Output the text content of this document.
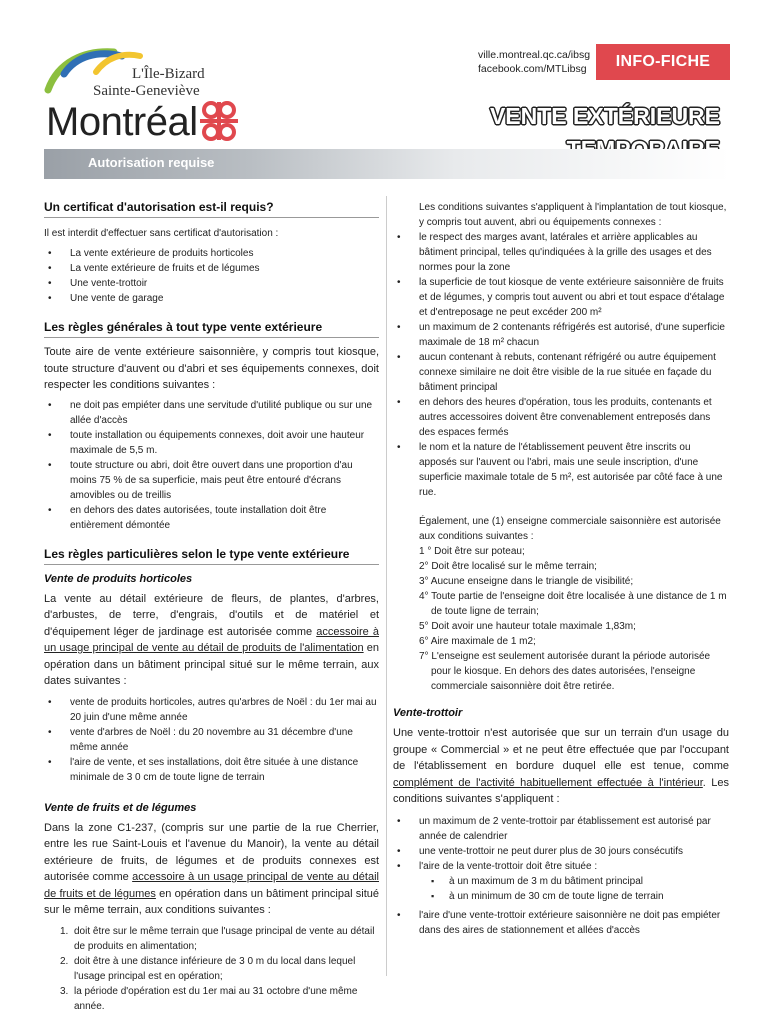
L'Île-Bizard
Sainte-Geneviève
Montréal
ville.montreal.qc.ca/ibsg
facebook.com/MTLibsg	INFO-FICHE
VENTE EXTÉRIEURE
Autorisation requise
Un certificat d'autorisation est-il requis?

Il est interdit d'effectuer sans certificat d'autorisation :

• La vente extérieure de produits horticoles
• La vente extérieure de fruits et de légumes
• Une vente-trottoir
• Une vente de garage
Les règles générales à tout type vente extérieure

Toute aire de vente extérieure saisonnière, y compris tout kiosque, toute structure d'auvent ou d'abri et ses équipements connexes, doit respecter les conditions suivantes :

• ne doit pas empiéter dans une servitude d'utilité publique ou sur une allée d'accès
• toute installation ou équipements connexes, doit avoir une hauteur maximale de 5,5 m.
• toute structure ou abri, doit être ouvert dans une proportion d'au moins 75 % de sa superficie, mais peut être entouré d'écrans amovibles ou de treillis
• en dehors des dates autorisées, toute installation doit être entièrement démontée
Les règles particulières selon le type vente extérieure
Vente de produits horticoles

La vente au détail extérieure de fleurs, de plantes, d'arbres, d'arbustes, de terre, d'engrais, d'outils et de matériel et d'équipement léger de jardinage est autorisée comme accessoire à un usage principal de vente au détail de produits de l'alimentation en opération dans un bâtiment principal situé sur le même terrain, aux dates suivantes :

• vente de produits horticoles, autres qu'arbres de Noël : du 1er mai au 20 juin d'une même année
• vente d'arbres de Noël : du 20 novembre au 31 décembre d'une même année
• l'aire de vente, et ses installations, doit être située à une distance minimale de 3 0 cm de toute ligne de terrain
Vente de fruits et de légumes

Dans la zone C1-237, (compris sur une partie de la rue Cherrier, entre les rue Saint-Louis et l'avenue du Manoir), la vente au détail extérieure de fruits, de légumes et de produits connexes est autorisée comme accessoire à un usage principal de vente au détail de fruits et de légumes en opération dans un bâtiment principal situé sur le même terrain, aux conditions suivantes :

1. doit être sur le même terrain que l'usage principal de vente au détail de produits en alimentation;
2. doit être à une distance inférieure de 3 0 m du local dans lequel l'usage principal est en opération;
3. la période d'opération est du 1er mai au 31 octobre d'une même année.

Les conditions suivantes s'appliquent à l'implantation de tout kiosque, y compris tout auvent, abri ou équipements connexes :

• le respect des marges avant, latérales et arrière applicables au bâtiment principal, telles qu'indiquées à la grille des usages et des normes pour la zone
• la superficie de tout kiosque de vente extérieure saisonnière de fruits et de légumes, y compris tout auvent ou abri et tout espace d'étalage et d'entreposage ne peut excéder 200 m²
• un maximum de 2 contenants réfrigérés est autorisé, d'une superficie maximale de 18 m² chacun
• aucun contenant à rebuts, contenant réfrigéré ou autre équipement connexe similaire ne doit être visible de la rue située en façade du bâtiment principal
• en dehors des heures d'opération, tous les produits, contenants et autres accessoires doivent être convenablement entreposés dans des espaces fermés
• le nom et la nature de l'établissement peuvent être inscrits ou apposés sur l'auvent ou l'abri, mais une seule inscription, d'une superficie maximale totale de 5 m², est autorisée par côté face à une rue.

Également, une (1) enseigne commerciale saisonnière est autorisée aux conditions suivantes :

1 ° Doit être sur poteau;
2° Doit être localisé sur le même terrain;
3° Aucune enseigne dans le triangle de visibilité;
4° Toute partie de l'enseigne doit être localisée à une distance de 1 m de toute ligne de terrain;
5° Doit avoir une hauteur totale maximale 1,83m;
6° Aire maximale de 1 m2;
7° L'enseigne est seulement autorisée durant la période autorisée pour le kiosque. En dehors des dates autorisées, l'enseigne commerciale saisonnière doit être retirée.
Vente-trottoir

Une vente-trottoir n'est autorisée que sur un terrain d'un usage du groupe « Commercial » et ne peut être effectuée que par l'occupant de l'établissement en bordure duquel elle est tenue, comme complément de l'activité habituellement effectuée à l'intérieur. Les conditions suivantes s'appliquent :

• un maximum de 2 vente-trottoir par établissement est autorisé par année de calendrier
• une vente-trottoir ne peut durer plus de 30 jours consécutifs
• l'aire de la vente-trottoir doit être située :
▪ à un maximum de 3 m du bâtiment principal
▪ à un minimum de 30 cm de toute ligne de terrain
• l'aire d'une vente-trottoir extérieure saisonnière ne doit pas empiéter dans des aires de stationnement et allées d'accès
